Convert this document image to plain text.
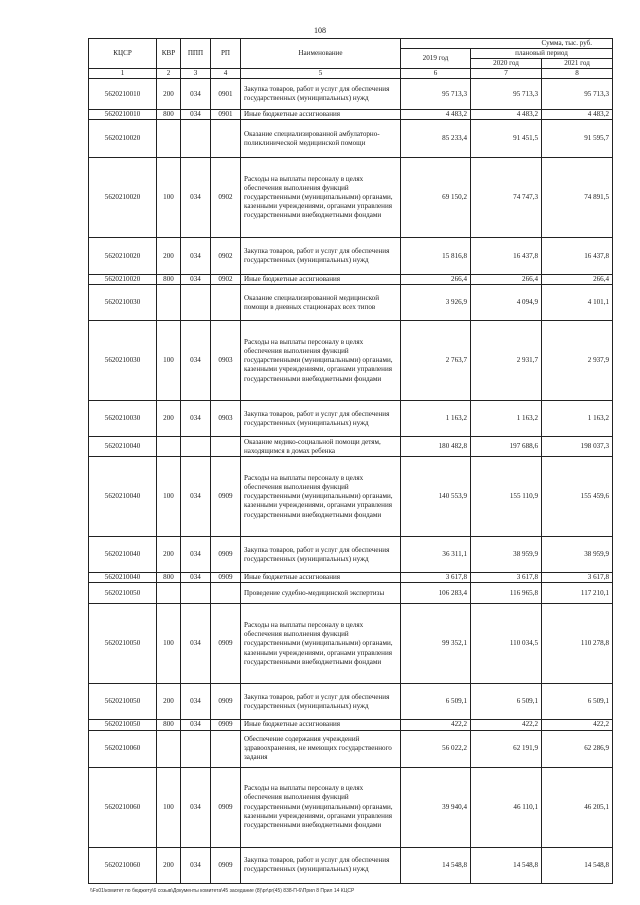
108
КЦСР	КВР	ППП	РП	Наименование	Сумма, тыс. руб.		
					2019 год	плановый период	
						2020 год	2021 год
1	2	3	4	5	6	7	8
5620210010	200	034	0901	Закупка товаров, работ и услуг для обеспечения государственных (муниципальных) нужд	95 713,3	95 713,3	95 713,3
5620210010	800	034	0901	Иные бюджетные ассигнования	4 483,2	4 483,2	4 483,2
5620210020				Оказание специализированной амбулаторно-поликлинической медицинской помощи	85 233,4	91 451,5	91 595,7
5620210020	100	034	0902	Расходы на выплаты персоналу в целях обеспечения выполнения функций государственными (муниципальными) органами, казенными учреждениями, органами управления государственными внебюджетными фондами	69 150,2	74 747,3	74 891,5
5620210020	200	034	0902	Закупка товаров, работ и услуг для обеспечения государственных (муниципальных) нужд	15 816,8	16 437,8	16 437,8
5620210020	800	034	0902	Иные бюджетные ассигнования	266,4	266,4	266,4
5620210030				Оказание специализированной медицинской помощи в дневных стационарах всех типов	3 926,9	4 094,9	4 101,1
5620210030	100	034	0903	Расходы на выплаты персоналу в целях обеспечения выполнения функций государственными (муниципальными) органами, казенными учреждениями, органами управления государственными внебюджетными фондами	2 763,7	2 931,7	2 937,9
5620210030	200	034	0903	Закупка товаров, работ и услуг для обеспечения государственных (муниципальных) нужд	1 163,2	1 163,2	1 163,2
5620210040				Оказание медико-социальной помощи детям, находящимся в домах ребенка	180 482,8	197 688,6	198 037,3
5620210040	100	034	0909	Расходы на выплаты персоналу в целях обеспечения выполнения функций государственными (муниципальными) органами, казенными учреждениями, органами управления государственными внебюджетными фондами	140 553,9	155 110,9	155 459,6
5620210040	200	034	0909	Закупка товаров, работ и услуг для обеспечения государственных (муниципальных) нужд	36 311,1	38 959,9	38 959,9
5620210040	800	034	0909	Иные бюджетные ассигнования	3 617,8	3 617,8	3 617,8
5620210050				Проведение судебно-медицинской экспертизы	106 283,4	116 965,8	117 210,1
5620210050	100	034	0909	Расходы на выплаты персоналу в целях обеспечения выполнения функций государственными (муниципальными) органами, казенными учреждениями, органами управления государственными внебюджетными фондами	99 352,1	110 034,5	110 278,8
5620210050	200	034	0909	Закупка товаров, работ и услуг для обеспечения государственных (муниципальных) нужд	6 509,1	6 509,1	6 509,1
5620210050	800	034	0909	Иные бюджетные ассигнования	422,2	422,2	422,2
5620210060				Обеспечение содержания учреждений здравоохранения, не имеющих государственного задания	56 022,2	62 191,9	62 286,9
5620210060	100	034	0909	Расходы на выплаты персоналу в целях обеспечения выполнения функций государственными (муниципальными) органами, казенными учреждениями, органами управления государственными внебюджетными фондами	39 940,4	46 110,1	46 205,1
5620210060	200	034	0909	Закупка товаров, работ и услуг для обеспечения государственных (муниципальных) нужд	14 548,8	14 548,8	14 548,8
\\Fs01\комитет по бюджету\6 созыв\Документы комитета\45 заседание (8)\pr\pr(45) 838-П-6\Прил 8 Прил 14 КЦСР
